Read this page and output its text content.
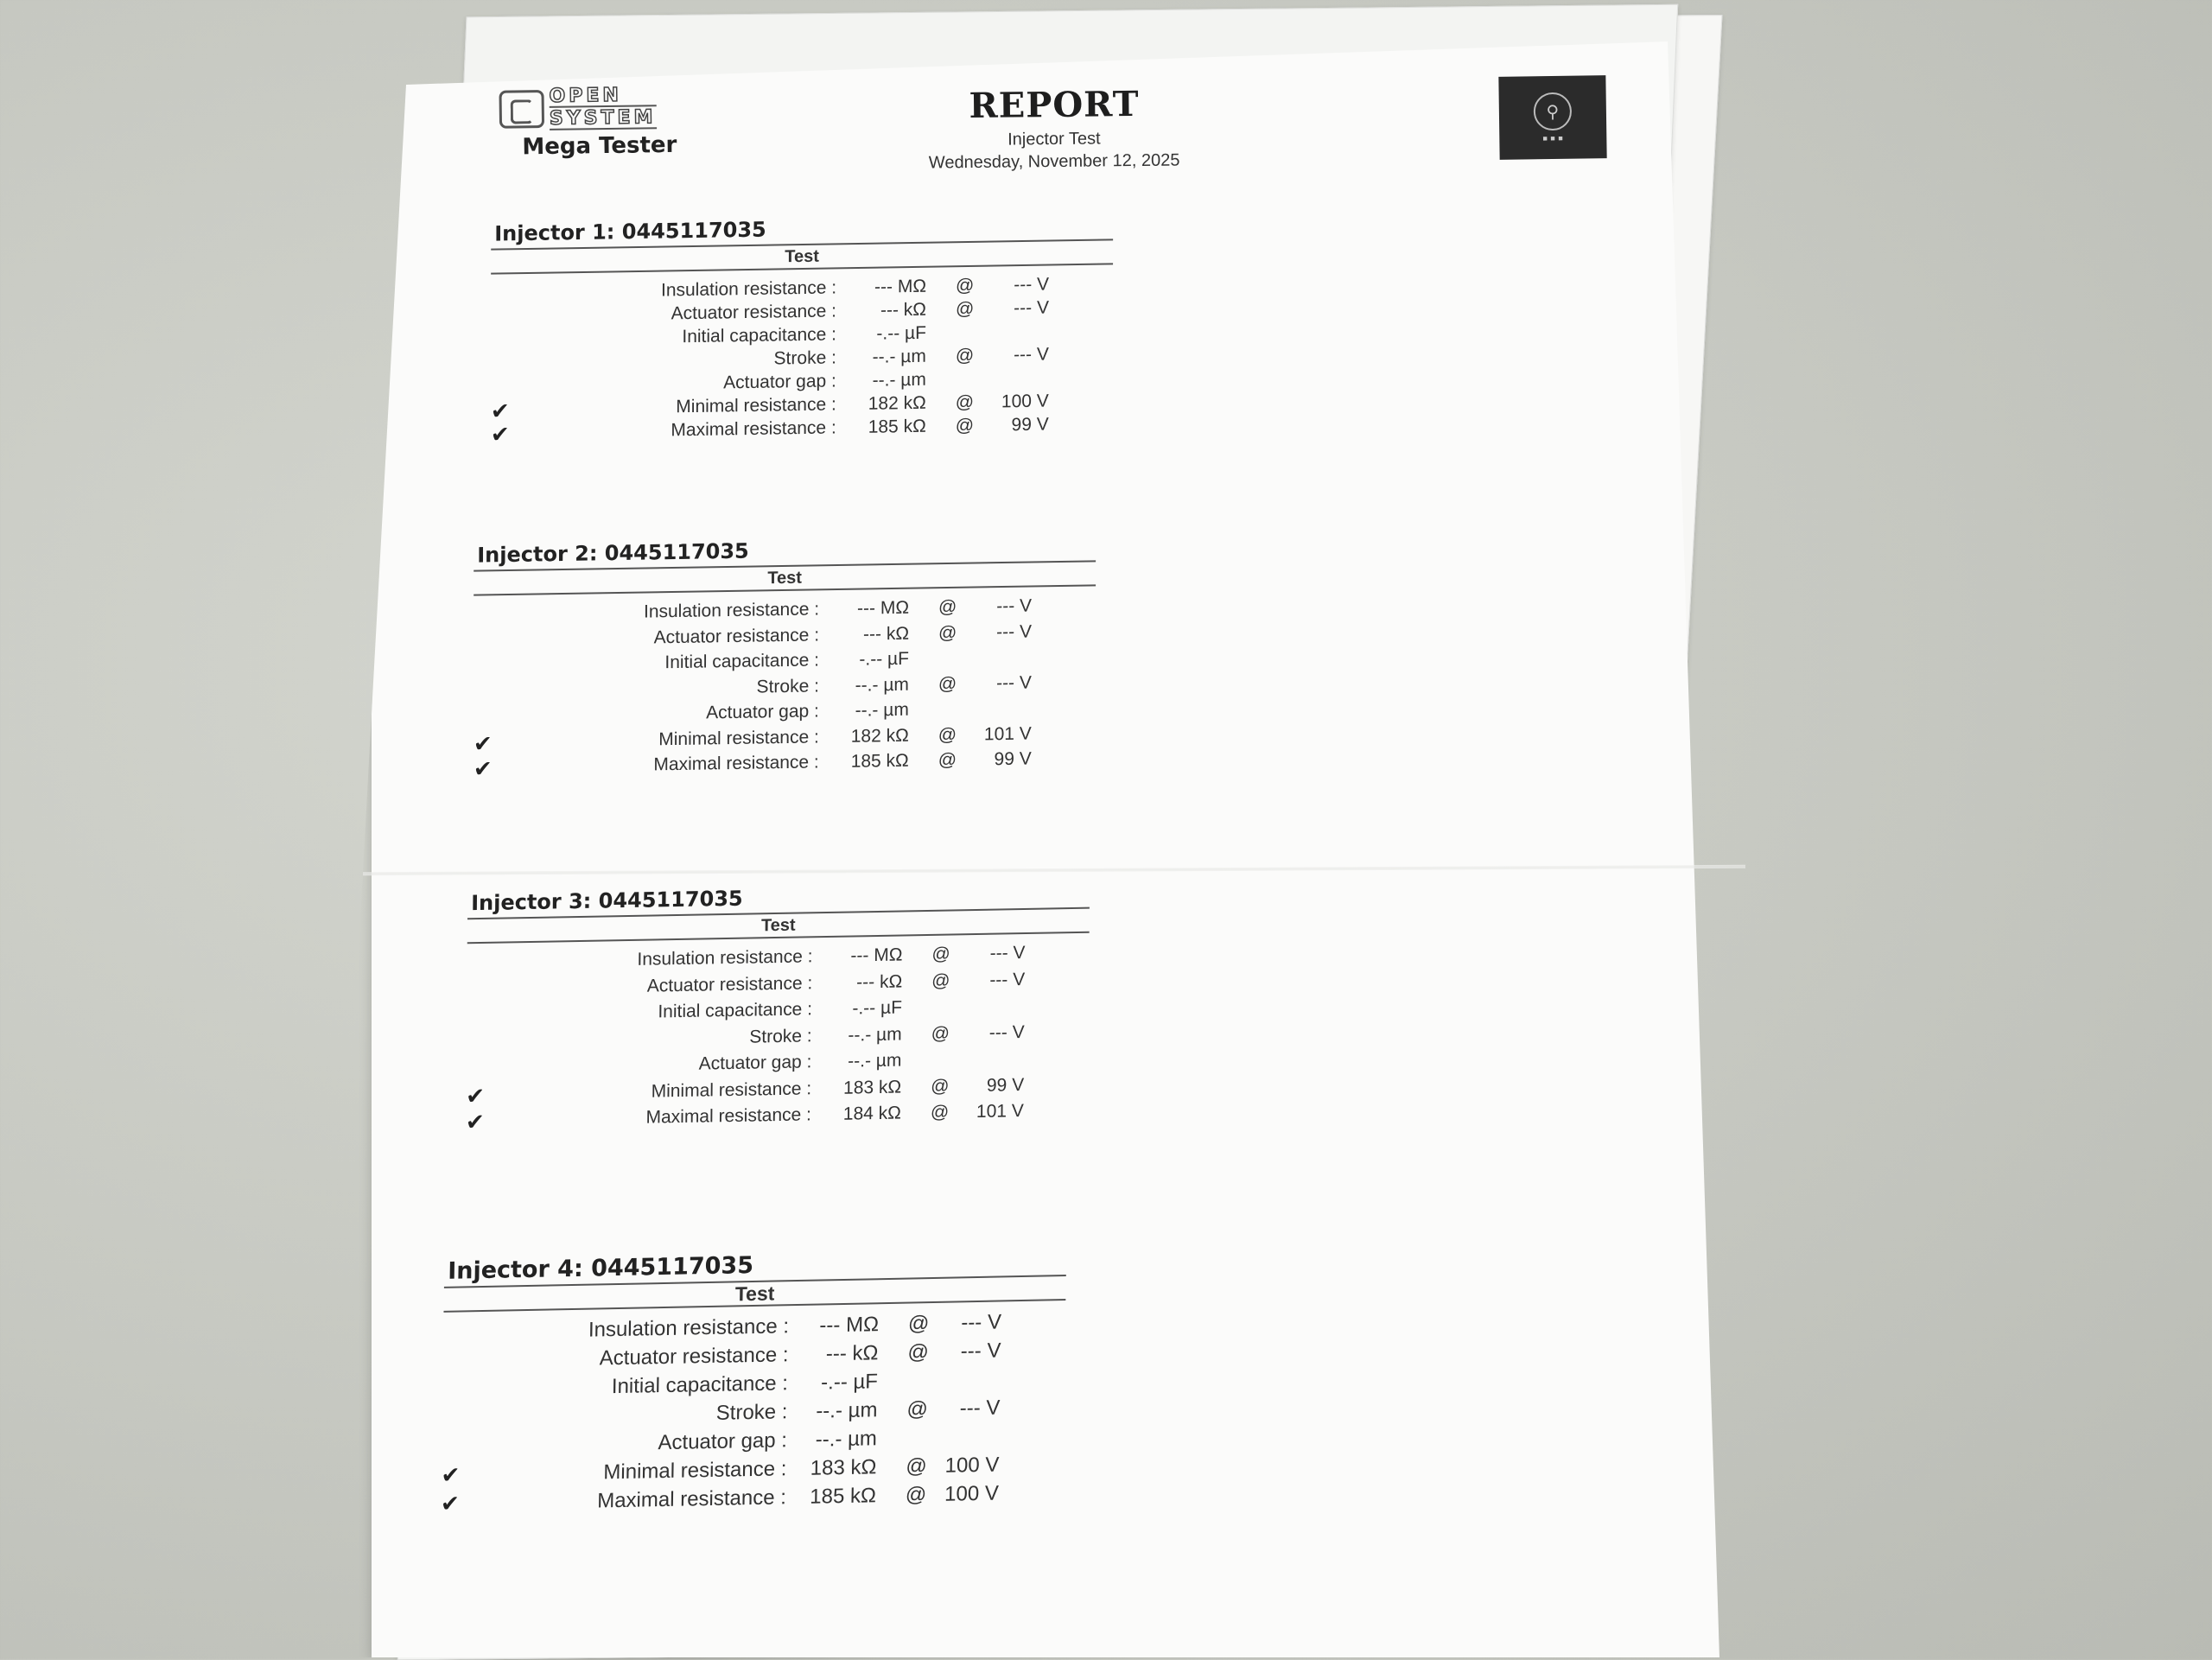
OPEN
SYSTEM
Mega Tester
REPORT
Injector Test
Wednesday, November 12, 2025
⚲
■ ■ ■
Injector 1: 0445117035
Test
Insulation resistance :	--- MΩ @	--- V
Actuator resistance :	--- kΩ @	--- V
Initial capacitance :	-.-- µF
Stroke :	--.- µm @	--- V
Actuator gap :	--.- µm
✔	Minimal resistance :	182 kΩ @	100 V
✔	Maximal resistance :	185 kΩ @	99 V
Injector 2: 0445117035
Test
Insulation resistance :	--- MΩ @	--- V
Actuator resistance :	--- kΩ @	--- V
Initial capacitance :	-.-- µF
Stroke :	--.- µm @	--- V
Actuator gap :	--.- µm
✔	Minimal resistance :	182 kΩ @	101 V
✔	Maximal resistance :	185 kΩ @	99 V
Injector 3: 0445117035
Test
Insulation resistance :	--- MΩ @	--- V
Actuator resistance :	--- kΩ @	--- V
Initial capacitance :	-.-- µF
Stroke :	--.- µm @	--- V
Actuator gap :	--.- µm
✔	Minimal resistance :	183 kΩ @	99 V
✔	Maximal resistance :	184 kΩ @	101 V
Injector 4: 0445117035
Test
Insulation resistance :	--- MΩ @	--- V
Actuator resistance :	--- kΩ @	--- V
Initial capacitance :	-.-- µF
Stroke :	--.- µm @	--- V
Actuator gap :	--.- µm
✔	Minimal resistance :	183 kΩ @ 100 V
✔	Maximal resistance :	185 kΩ @ 100 V
